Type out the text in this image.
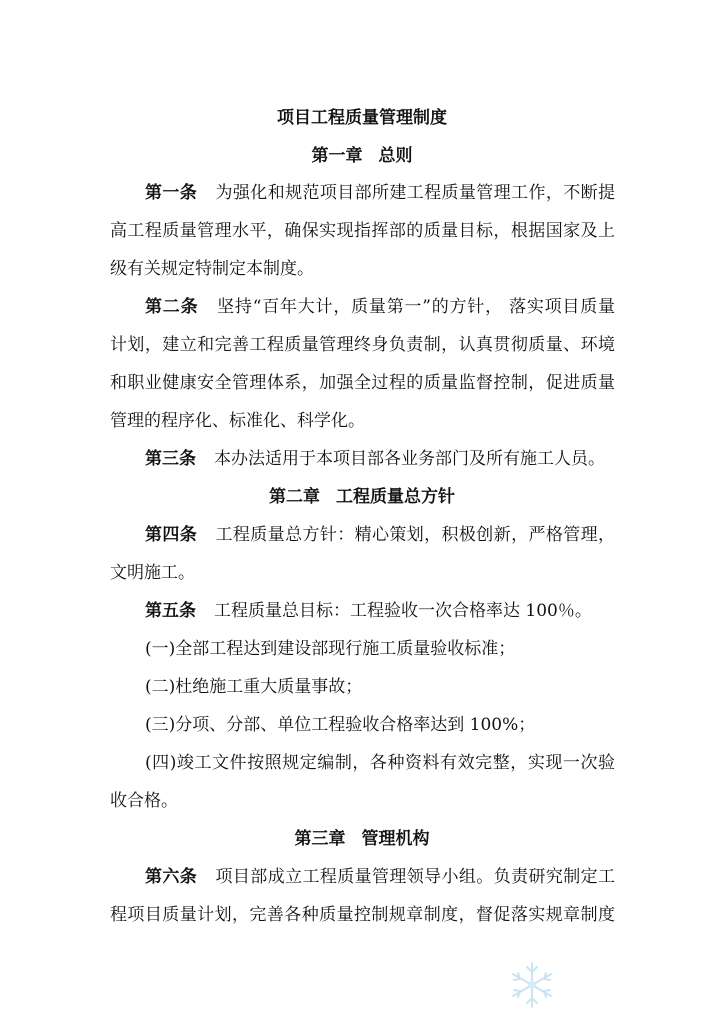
项目工程质量管理制度
第一章 总则
第一条 为强化和规范项目部所建工程质量管理工作，不断提
高工程质量管理水平，确保实现指挥部的质量目标，根据国家及上
级有关规定特制定本制度。
第二条 坚持“百年大计，质量第一”的方针， 落实项目质量
计划，建立和完善工程质量管理终身负责制，认真贯彻质量、环境
和职业健康安全管理体系，加强全过程的质量监督控制，促进质量
管理的程序化、标准化、科学化。
第三条 本办法适用于本项目部各业务部门及所有施工人员。
第二章 工程质量总方针
第四条 工程质量总方针：精心策划，积极创新，严格管理，
文明施工。
第五条 工程质量总目标：工程验收一次合格率达 100％。
(一)全部工程达到建设部现行施工质量验收标准；
(二)杜绝施工重大质量事故；
(三)分项、分部、单位工程验收合格率达到 100%；
(四)竣工文件按照规定编制，各种资料有效完整，实现一次验
收合格。
第三章 管理机构
第六条 项目部成立工程质量管理领导小组。负责研究制定工
程项目质量计划，完善各种质量控制规章制度，督促落实规章制度
